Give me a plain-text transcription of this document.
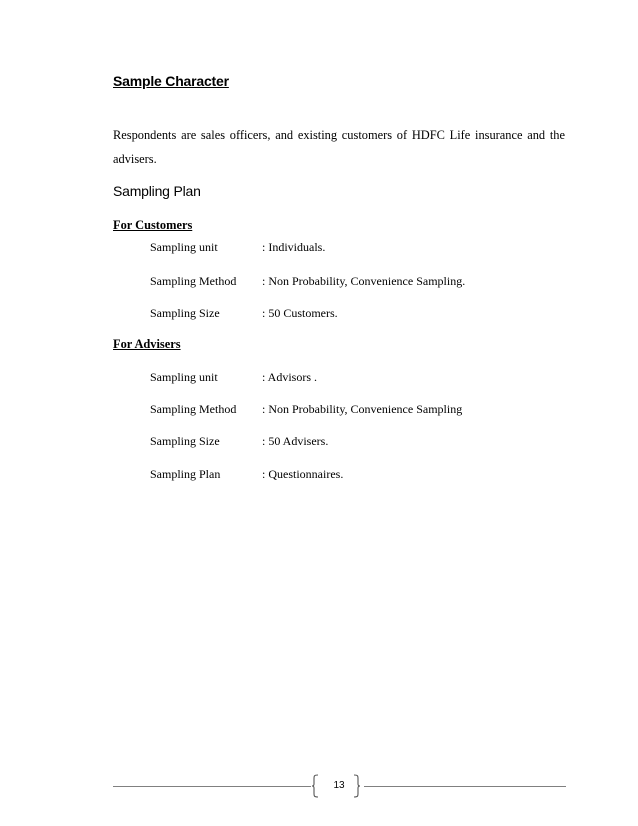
Sample Character
Respondents are sales officers, and existing customers of HDFC Life insurance and the advisers.
Sampling Plan
For Customers
Sampling unit	: Individuals.
Sampling Method : Non Probability, Convenience Sampling.
Sampling Size	: 50 Customers.
For Advisers
Sampling unit	: Advisors .
Sampling Method : Non Probability, Convenience Sampling
Sampling Size	: 50 Advisers.
Sampling Plan	: Questionnaires.
13
